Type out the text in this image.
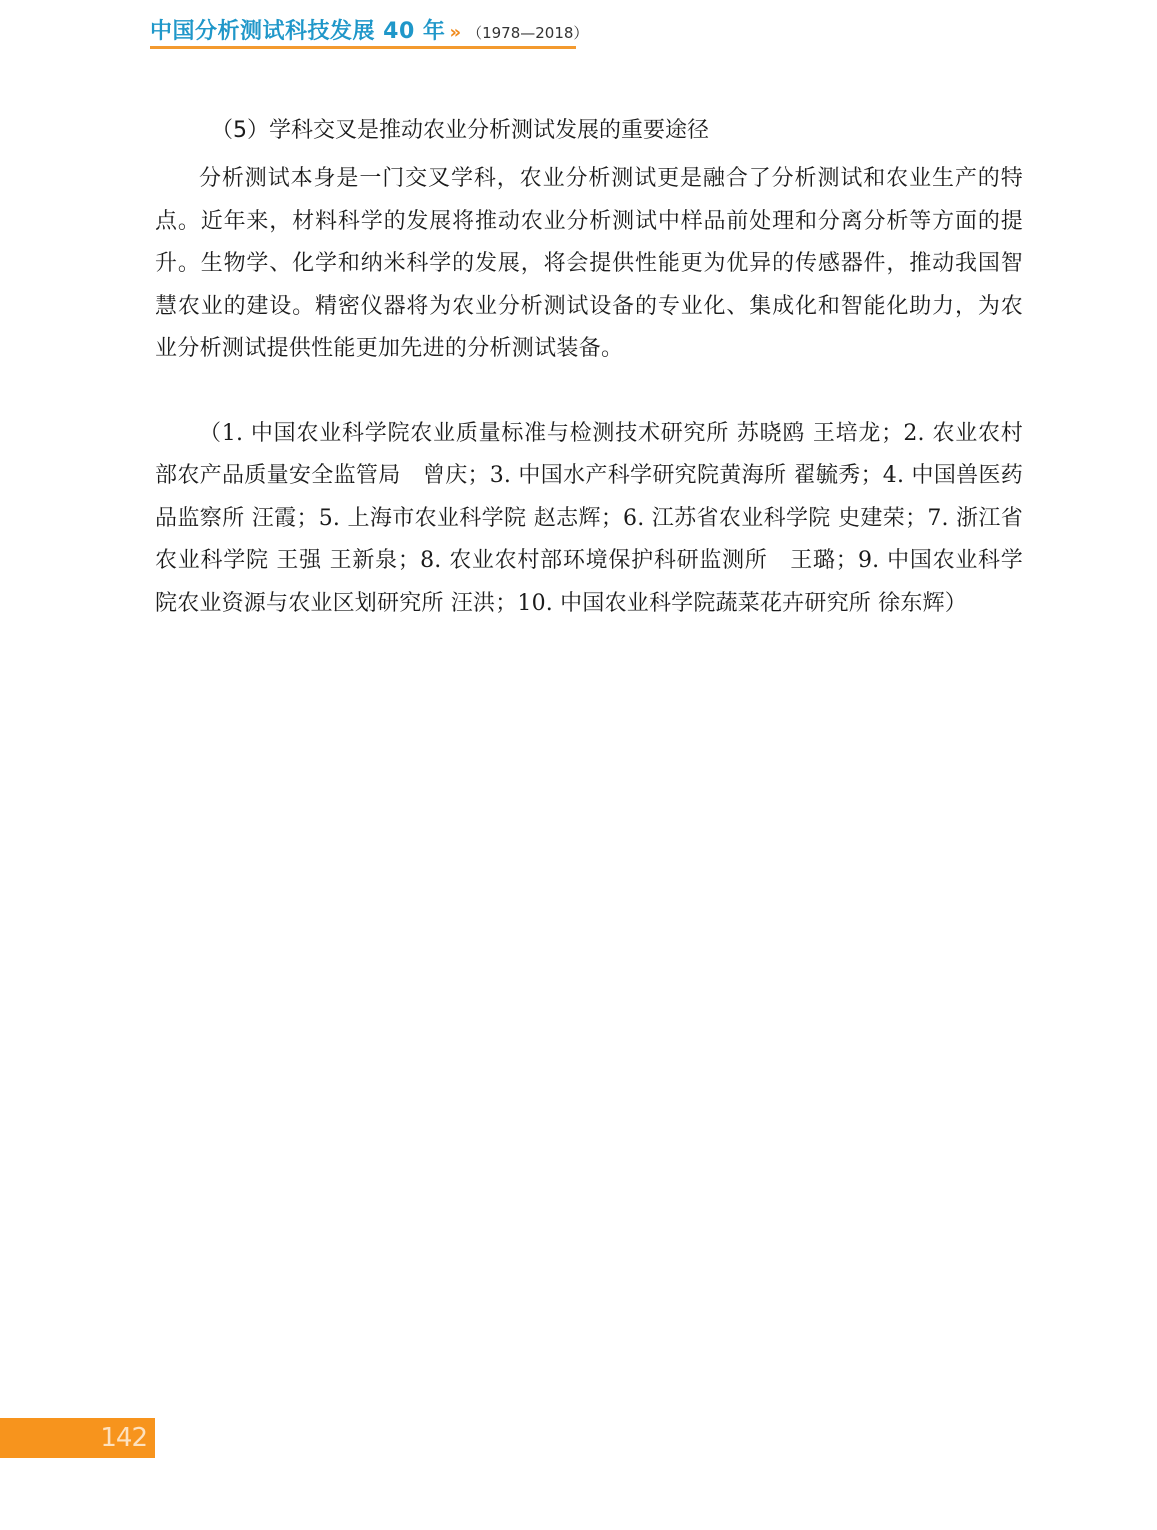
中国分析测试科技发展 40 年 » （1978—2018）
（5）学科交叉是推动农业分析测试发展的重要途径

分析测试本身是一门交叉学科，农业分析测试更是融合了分析测试和农业生产的特点。近年来，材料科学的发展将推动农业分析测试中样品前处理和分离分析等方面的提升。生物学、化学和纳米科学的发展，将会提供性能更为优异的传感器件，推动我国智慧农业的建设。精密仪器将为农业分析测试设备的专业化、集成化和智能化助力，为农业分析测试提供性能更加先进的分析测试装备。

（1. 中国农业科学院农业质量标准与检测技术研究所 苏晓鸥 王培龙；2. 农业农村部农产品质量安全监管局　曾庆；3. 中国水产科学研究院黄海所 翟毓秀；4. 中国兽医药品监察所 汪霞；5. 上海市农业科学院 赵志辉；6. 江苏省农业科学院 史建荣；7. 浙江省农业科学院 王强 王新泉；8. 农业农村部环境保护科研监测所　王璐；9. 中国农业科学院农业资源与农业区划研究所 汪洪；10. 中国农业科学院蔬菜花卉研究所 徐东辉）

142
